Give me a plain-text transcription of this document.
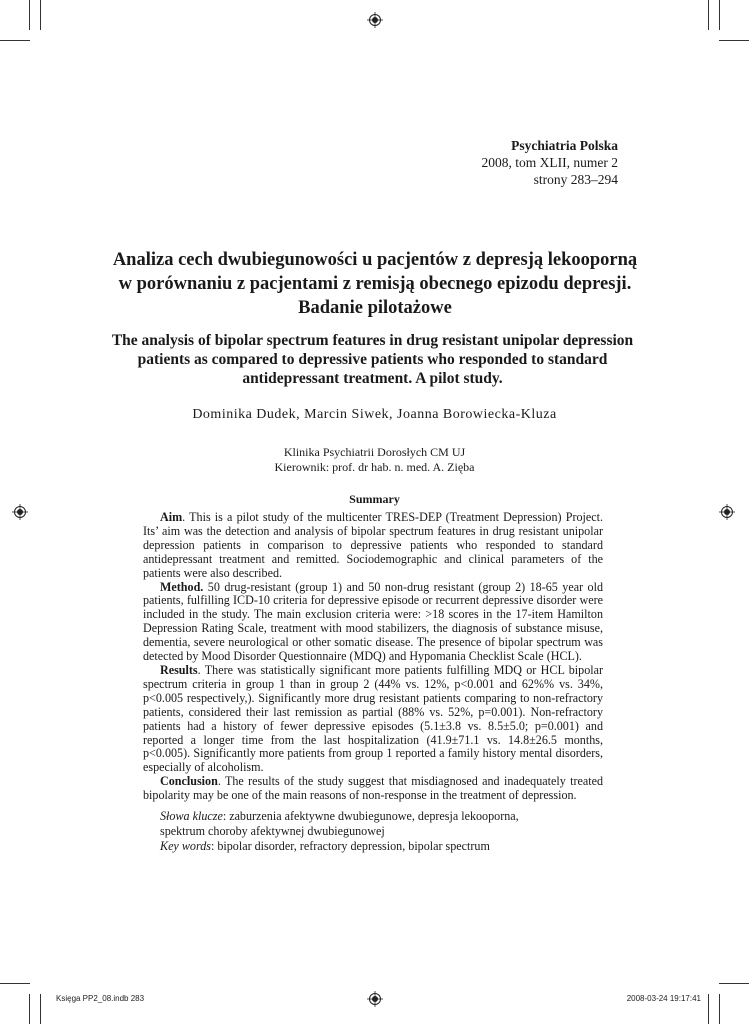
Psychiatria Polska
2008, tom XLII, numer 2
strony 283–294
Analiza cech dwubiegunowości u pacjentów z depresją lekooporną w porównaniu z pacjentami z remisją obecnego epizodu depresji. Badanie pilotażowe
The analysis of bipolar spectrum features in drug resistant unipolar depression patients as compared to depressive patients who responded to standard antidepressant treatment. A pilot study.
Dominika Dudek, Marcin Siwek, Joanna Borowiecka-Kluza
Klinika Psychiatrii Dorosłych CM UJ
Kierownik: prof. dr hab. n. med. A. Zięba
Summary

Aim. This is a pilot study of the multicenter TRES-DEP (Treatment Depression) Project. Its’ aim was the detection and analysis of bipolar spectrum features in drug resistant unipolar depression patients in comparison to depressive patients who responded to standard antidepressant treatment and remitted. Sociodemographic and clinical parameters of the patients were also described.

Method. 50 drug-resistant (group 1) and 50 non-drug resistant (group 2) 18-65 year old patients, fulfilling ICD-10 criteria for depressive episode or recurrent depressive disorder were included in the study. The main exclusion criteria were: >18 scores in the 17-item Hamilton Depression Rating Scale, treatment with mood stabilizers, the diagnosis of substance misuse, dementia, severe neurological or other somatic disease. The presence of bipolar spectrum was detected by Mood Disorder Questionnaire (MDQ) and Hypomania Checklist Scale (HCL).

Results. There was statistically significant more patients fulfilling MDQ or HCL bipolar spectrum criteria in group 1 than in group 2 (44% vs. 12%, p<0.001 and 62%% vs. 34%, p<0.005 respectively,). Significantly more drug resistant patients comparing to non-refractory patients, considered their last remission as partial (88% vs. 52%, p=0.001). Non-refractory patients had a history of fewer depressive episodes (5.1±3.8 vs. 8.5±5.0; p=0.001) and reported a longer time from the last hospitalization (41.9±71.1 vs. 14.8±26.5 months, p<0.005). Significantly more patients from group 1 reported a family history mental disorders, especially of alcoholism.

Conclusion. The results of the study suggest that misdiagnosed and inadequately treated bipolarity may be one of the main reasons of non-response in the treatment of depression.

Słowa klucze: zaburzenia afektywne dwubiegunowe, depresja lekooporna,
spektrum choroby afektywnej dwubiegunowej
Key words: bipolar disorder, refractory depression, bipolar spectrum
Księga PP2_08.indb 283	2008-03-24 19:17:41
